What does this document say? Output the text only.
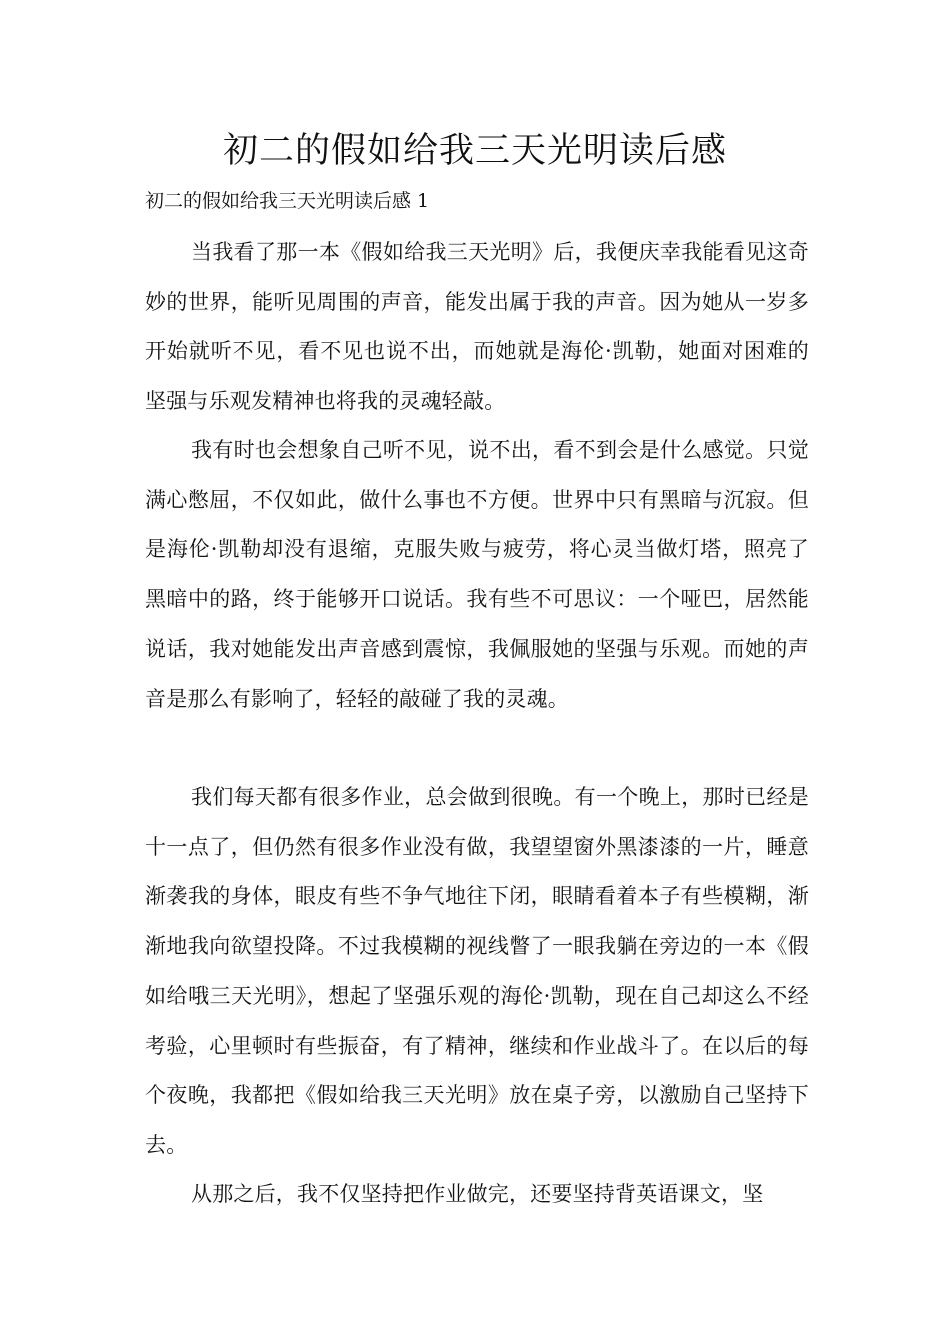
初二的假如给我三天光明读后感

初二的假如给我三天光明读后感 1

当我看了那一本《假如给我三天光明》后，我便庆幸我能看见这奇妙的世界，能听见周围的声音，能发出属于我的声音。因为她从一岁多开始就听不见，看不见也说不出，而她就是海伦·凯勒，她面对困难的坚强与乐观发精神也将我的灵魂轻敲。

我有时也会想象自己听不见，说不出，看不到会是什么感觉。只觉满心憋屈，不仅如此，做什么事也不方便。世界中只有黑暗与沉寂。但是海伦·凯勒却没有退缩，克服失败与疲劳，将心灵当做灯塔，照亮了黑暗中的路，终于能够开口说话。我有些不可思议：一个哑巴，居然能说话，我对她能发出声音感到震惊，我佩服她的坚强与乐观。而她的声音是那么有影响了，轻轻的敲碰了我的灵魂。

我们每天都有很多作业，总会做到很晚。有一个晚上，那时已经是十一点了，但仍然有很多作业没有做，我望望窗外黑漆漆的一片，睡意渐袭我的身体，眼皮有些不争气地往下闭，眼睛看着本子有些模糊，渐渐地我向欲望投降。不过我模糊的视线瞥了一眼我躺在旁边的一本《假如给哦三天光明》，想起了坚强乐观的海伦·凯勒，现在自己却这么不经考验，心里顿时有些振奋，有了精神，继续和作业战斗了。在以后的每个夜晚，我都把《假如给我三天光明》放在桌子旁，以激励自己坚持下去。

从那之后，我不仅坚持把作业做完，还要坚持背英语课文，坚
